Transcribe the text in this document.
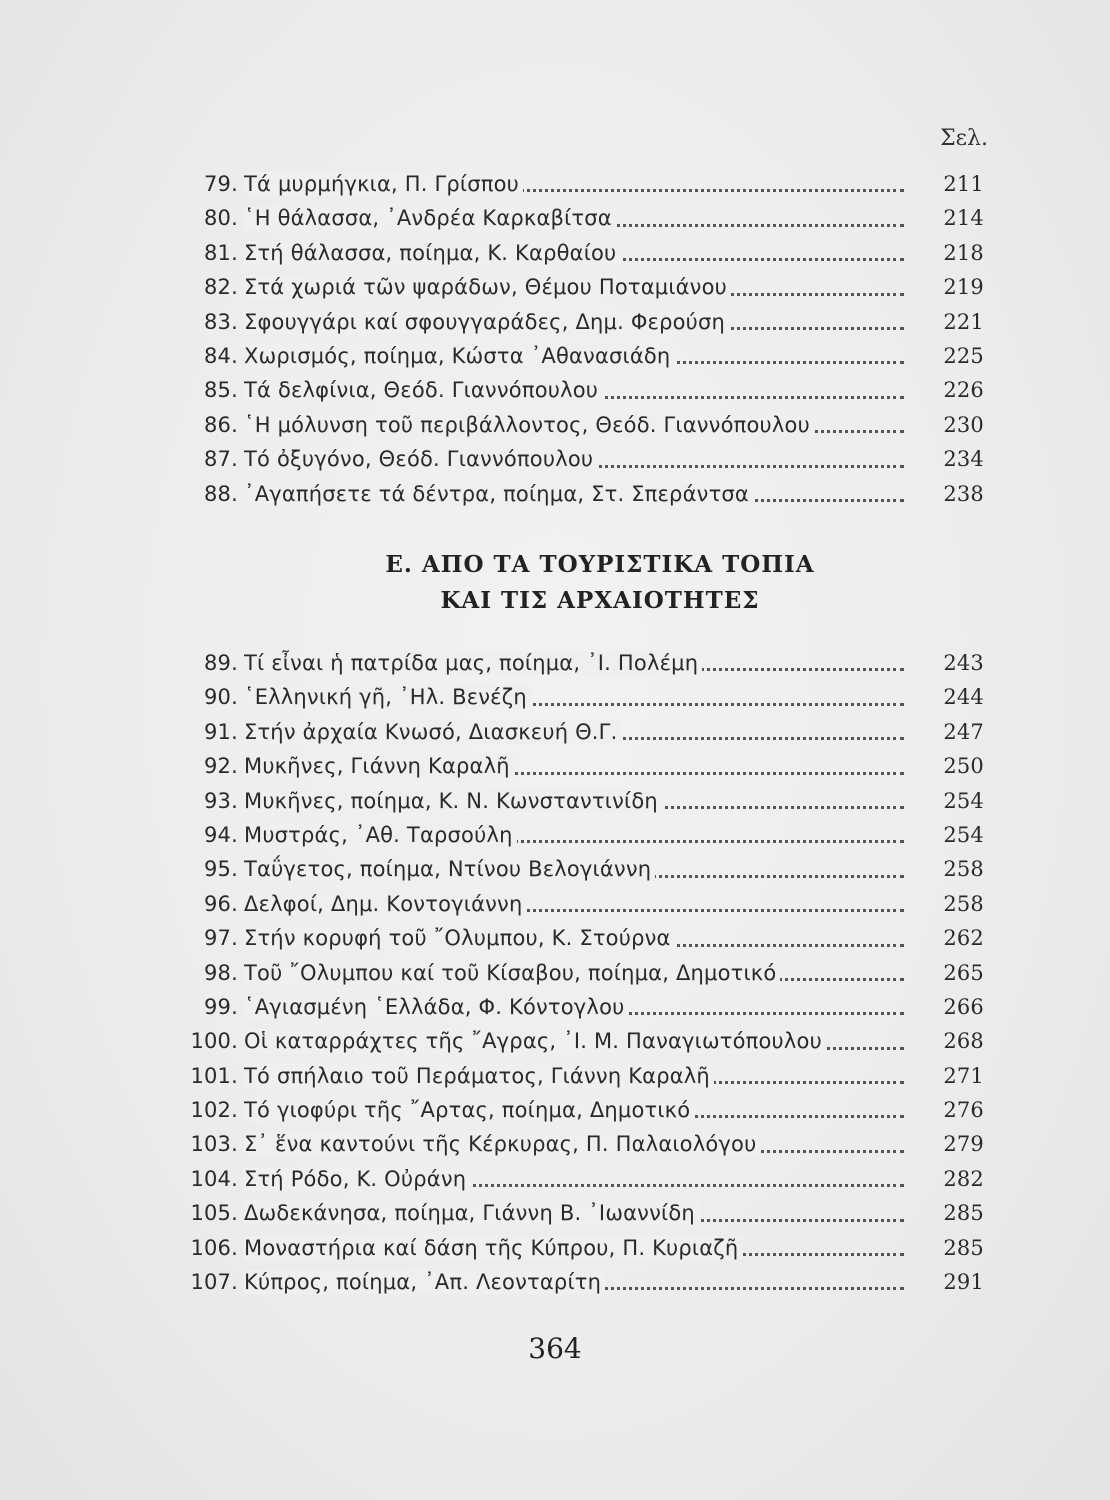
Σελ.
79. Τά μυρμήγκια, Π. Γρίσπου	211
80. ῾Η θάλασσα, ᾿Ανδρέα Καρκαβίτσα	214
81. Στή θάλασσα, ποίημα, Κ. Καρθαίου	218
82. Στά χωριά τῶν ψαράδων, Θέμου Ποταμιάνου	219
83. Σφουγγάρι καί σφουγγαράδες, Δημ. Φερούση	221
84. Χωρισμός, ποίημα, Κώστα ᾿Αθανασιάδη	225
85. Τά δελφίνια, Θεόδ. Γιαννόπουλου	226
86. ῾Η μόλυνση τοῦ περιβάλλοντος, Θεόδ. Γιαννόπουλου	230
87. Τό ὀξυγόνο, Θεόδ. Γιαννόπουλου	234
88. ᾿Αγαπήσετε τά δέντρα, ποίημα, Στ. Σπεράντσα	238
Ε. ΑΠΟ ΤΑ ΤΟΥΡΙΣΤΙΚΑ ΤΟΠΙΑ
ΚΑΙ ΤΙΣ ΑΡΧΑΙΟΤΗΤΕΣ
89. Τί εἶναι ἡ πατρίδα μας, ποίημα, ᾿Ι. Πολέμη	243
90. ῾Ελληνική γῆ, ᾿Ηλ. Βενέζη	244
91. Στήν ἀρχαία Κνωσό, Διασκευή Θ.Γ.	247
92. Μυκῆνες, Γιάννη Καραλῆ	250
93. Μυκῆνες, ποίημα, Κ. Ν. Κωνσταντινίδη	254
94. Μυστράς, ᾿Αθ. Ταρσούλη	254
95. Ταΰγετος, ποίημα, Ντίνου Βελογιάννη	258
96. Δελφοί, Δημ. Κοντογιάννη	258
97. Στήν κορυφή τοῦ ῎Ολυμπου, Κ. Στούρνα	262
98. Τοῦ ῎Ολυμπου καί τοῦ Κίσαβου, ποίημα, Δημοτικό	265
99. ῾Αγιασμένη ῾Ελλάδα, Φ. Κόντογλου	266
100. Οἱ καταρράχτες τῆς ῎Αγρας, ᾿Ι. Μ. Παναγιωτόπουλου	268
101. Τό σπήλαιο τοῦ Περάματος, Γιάννη Καραλῆ	271
102. Τό γιοφύρι τῆς ῎Αρτας, ποίημα, Δημοτικό	276
103. Σ᾿ ἕνα καντούνι τῆς Κέρκυρας, Π. Παλαιολόγου	279
104. Στή Ρόδο, Κ. Οὐράνη	282
105. Δωδεκάνησα, ποίημα, Γιάννη Β. ᾿Ιωαννίδη	285
106. Μοναστήρια καί δάση τῆς Κύπρου, Π. Κυριαζῆ	285
107. Κύπρος, ποίημα, ᾿Απ. Λεονταρίτη	291
364
